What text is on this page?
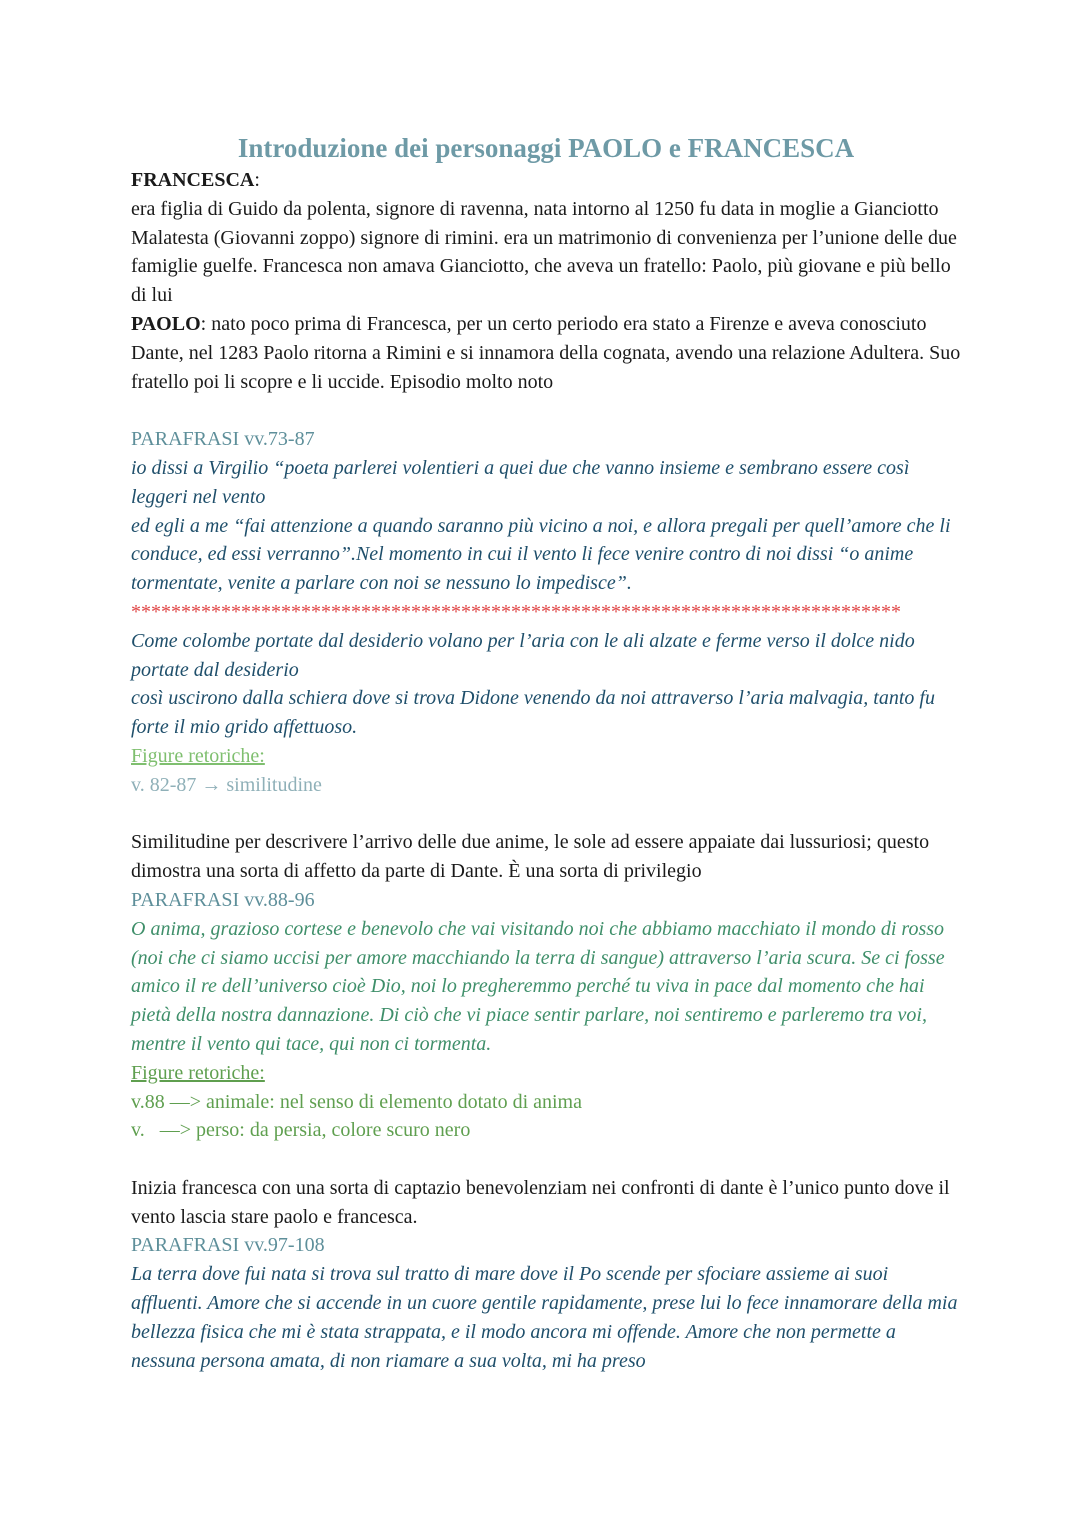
Introduzione dei personaggi PAOLO e FRANCESCA

FRANCESCA:

era figlia di Guido da polenta, signore di ravenna, nata intorno al 1250 fu data in moglie a Gianciotto Malatesta (Giovanni zoppo) signore di rimini. era un matrimonio di convenienza per l’unione delle due famiglie guelfe. Francesca non amava Gianciotto, che aveva un fratello: Paolo, più giovane e più bello di lui

PAOLO: nato poco prima di Francesca, per un certo periodo era stato a Firenze e aveva conosciuto Dante, nel 1283 Paolo ritorna a Rimini e si innamora della cognata, avendo una relazione Adultera. Suo fratello poi li scopre e li uccide. Episodio molto noto

PARAFRASI vv.73-87

io dissi a Virgilio “poeta parlerei volentieri a quei due che vanno insieme e sembrano essere così leggeri nel vento

ed egli a me “fai attenzione a quando saranno più vicino a noi, e allora pregali per quell’amore che li conduce, ed essi verranno”.Nel momento in cui il vento li fece venire contro di noi dissi “o anime tormentate, venite a parlare con noi se nessuno lo impedisce”.

*****************************************************************************

Come colombe portate dal desiderio volano per l’aria con le ali alzate e ferme verso il dolce nido portate dal desiderio

così uscirono dalla schiera dove si trova Didone venendo da noi attraverso l’aria malvagia, tanto fu forte il mio grido affettuoso.

Figure retoriche:

v. 82-87 → similitudine

Similitudine per descrivere l’arrivo delle due anime, le sole ad essere appaiate dai lussuriosi; questo dimostra una sorta di affetto da parte di Dante. È una sorta di privilegio

PARAFRASI vv.88-96

O anima, grazioso cortese e benevolo che vai visitando noi che abbiamo macchiato il mondo di rosso (noi che ci siamo uccisi per amore macchiando la terra di sangue) attraverso l’aria scura. Se ci fosse amico il re dell’universo cioè Dio, noi lo pregheremmo perché tu viva in pace dal momento che hai pietà della nostra dannazione. Di ciò che vi piace sentir parlare, noi sentiremo e parleremo tra voi, mentre il vento qui tace, qui non ci tormenta.

Figure retoriche:

v.88 —> animale: nel senso di elemento dotato di anima

v.   —> perso: da persia, colore scuro nero

Inizia francesca con una sorta di captazio benevolenziam nei confronti di dante è l’unico punto dove il vento lascia stare paolo e francesca.

PARAFRASI vv.97-108

La terra dove fui nata si trova sul tratto di mare dove il Po scende per sfociare assieme ai suoi affluenti. Amore che si accende in un cuore gentile rapidamente, prese lui lo fece innamorare della mia bellezza fisica che mi è stata strappata, e il modo ancora mi offende. Amore che non permette a nessuna persona amata, di non riamare a sua volta, mi ha preso
